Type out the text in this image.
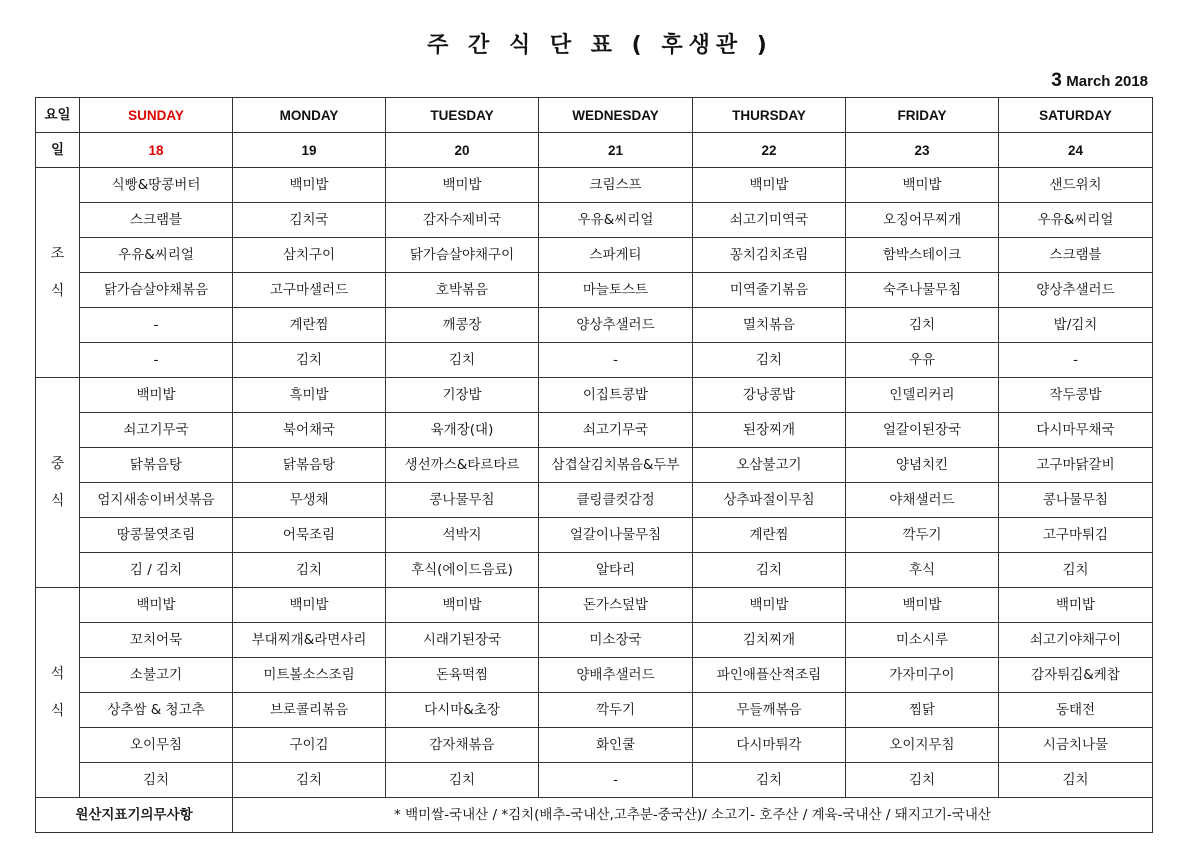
주 간 식 단 표 ( 후생관 )
3 March 2018
요일	SUNDAY	MONDAY	TUESDAY	WEDNESDAY	THURSDAY	FRIDAY	SATURDAY
일	18	19	20	21	22	23	24

조
식	식빵&땅콩버터	백미밥	백미밥	크림스프	백미밥	백미밥	샌드위치
	스크램블	김치국	감자수제비국	우유&씨리얼	쇠고기미역국	오징어무찌개	우유&씨리얼
	우유&씨리얼	삼치구이	닭가슴살야채구이	스파게티	꽁치김치조림	함박스테이크	스크램블
	닭가슴살야채볶음	고구마샐러드	호박볶음	마늘토스트	미역줄기볶음	숙주나물무침	양상추샐러드
	-	계란찜	깨콩장	양상추샐러드	멸치볶음	김치	밥/김치
	-	김치	김치	-	김치	우유	-

중
식	백미밥	흑미밥	기장밥	이집트콩밥	강낭콩밥	인델리커리	작두콩밥
	쇠고기무국	북어채국	육개장(대)	쇠고기무국	된장찌개	얼갈이된장국	다시마무채국
	닭볶음탕	닭볶음탕	생선까스&타르타르	삼겹살김치볶음&두부	오삼불고기	양념치킨	고구마닭갈비
	엄지새송이버섯볶음	무생채	콩나물무침	클링클컷감정	상추파절이무침	야채샐러드	콩나물무침
	땅콩물엿조림	어묵조림	석박지	얼갈이나물무침	계란찜	깍두기	고구마튀김
	김 / 김치	김치	후식(에이드음료)	알타리	김치	후식	김치

석
식	백미밥	백미밥	백미밥	돈가스덮밥	백미밥	백미밥	백미밥
	꼬치어묵	부대찌개&라면사리	시래기된장국	미소장국	김치찌개	미소시루	쇠고기야채구이
	소불고기	미트볼소스조림	돈육떡찜	양배추샐러드	파인애플산적조림	가자미구이	감자튀김&케찹
	상추쌈 & 청고추	브로콜리볶음	다시마&초장	깍두기	무들깨볶음	찜닭	동태전
	오이무침	구이김	감자채볶음	화인쿨	다시마튀각	오이지무침	시금치나물
	김치	김치	김치	-	김치	김치	김치
원산지표기의무사항		* 백미쌀-국내산 / *김치(배추-국내산,고추분-중국산)/ 소고기- 호주산 / 계육-국내산 / 돼지고기-국내산					
